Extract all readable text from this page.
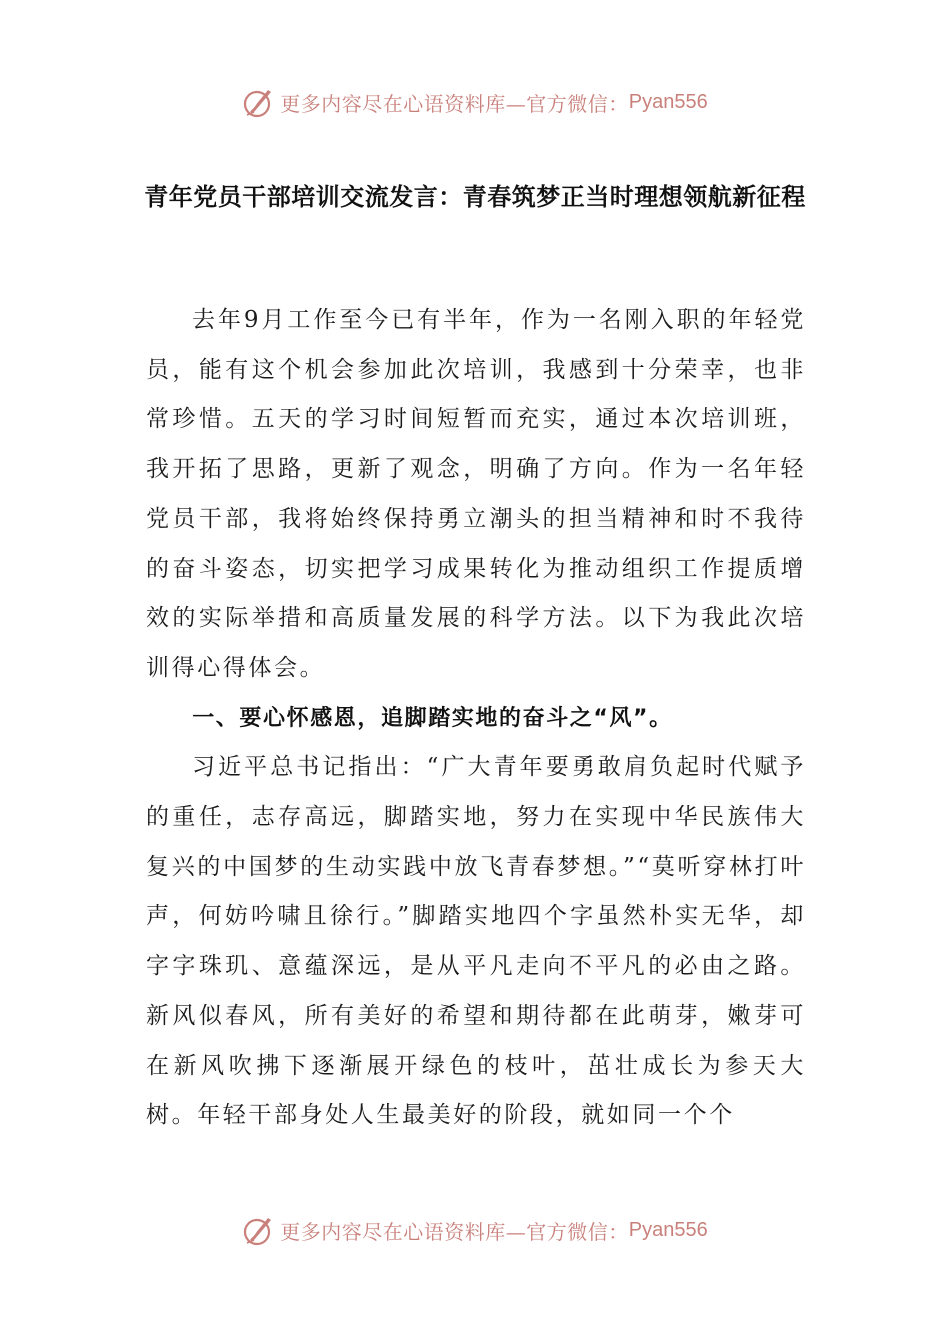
更多内容尽在心语资料库—官方微信： Pyan556
青年党员干部培训交流发言：青春筑梦正当时理想领航新征程

去年9月工作至今已有半年，作为一名刚入职的年轻党员，能有这个机会参加此次培训，我感到十分荣幸，也非常珍惜。五天的学习时间短暂而充实，通过本次培训班，我开拓了思路，更新了观念，明确了方向。作为一名年轻党员干部，我将始终保持勇立潮头的担当精神和时不我待的奋斗姿态，切实把学习成果转化为推动组织工作提质增效的实际举措和高质量发展的科学方法。以下为我此次培训得心得体会。

一、要心怀感恩，追脚踏实地的奋斗之“风”。

习近平总书记指出：“广大青年要勇敢肩负起时代赋予的重任，志存高远，脚踏实地，努力在实现中华民族伟大复兴的中国梦的生动实践中放飞青春梦想。”“莫听穿林打叶声，何妨吟啸且徐行。”脚踏实地四个字虽然朴实无华，却字字珠玑、意蕴深远，是从平凡走向不平凡的必由之路。新风似春风，所有美好的希望和期待都在此萌芽，嫩芽可在新风吹拂下逐渐展开绿色的枝叶，茁壮成长为参天大树。年轻干部身处人生最美好的阶段，就如同一个个

更多内容尽在心语资料库—官方微信： Pyan556
